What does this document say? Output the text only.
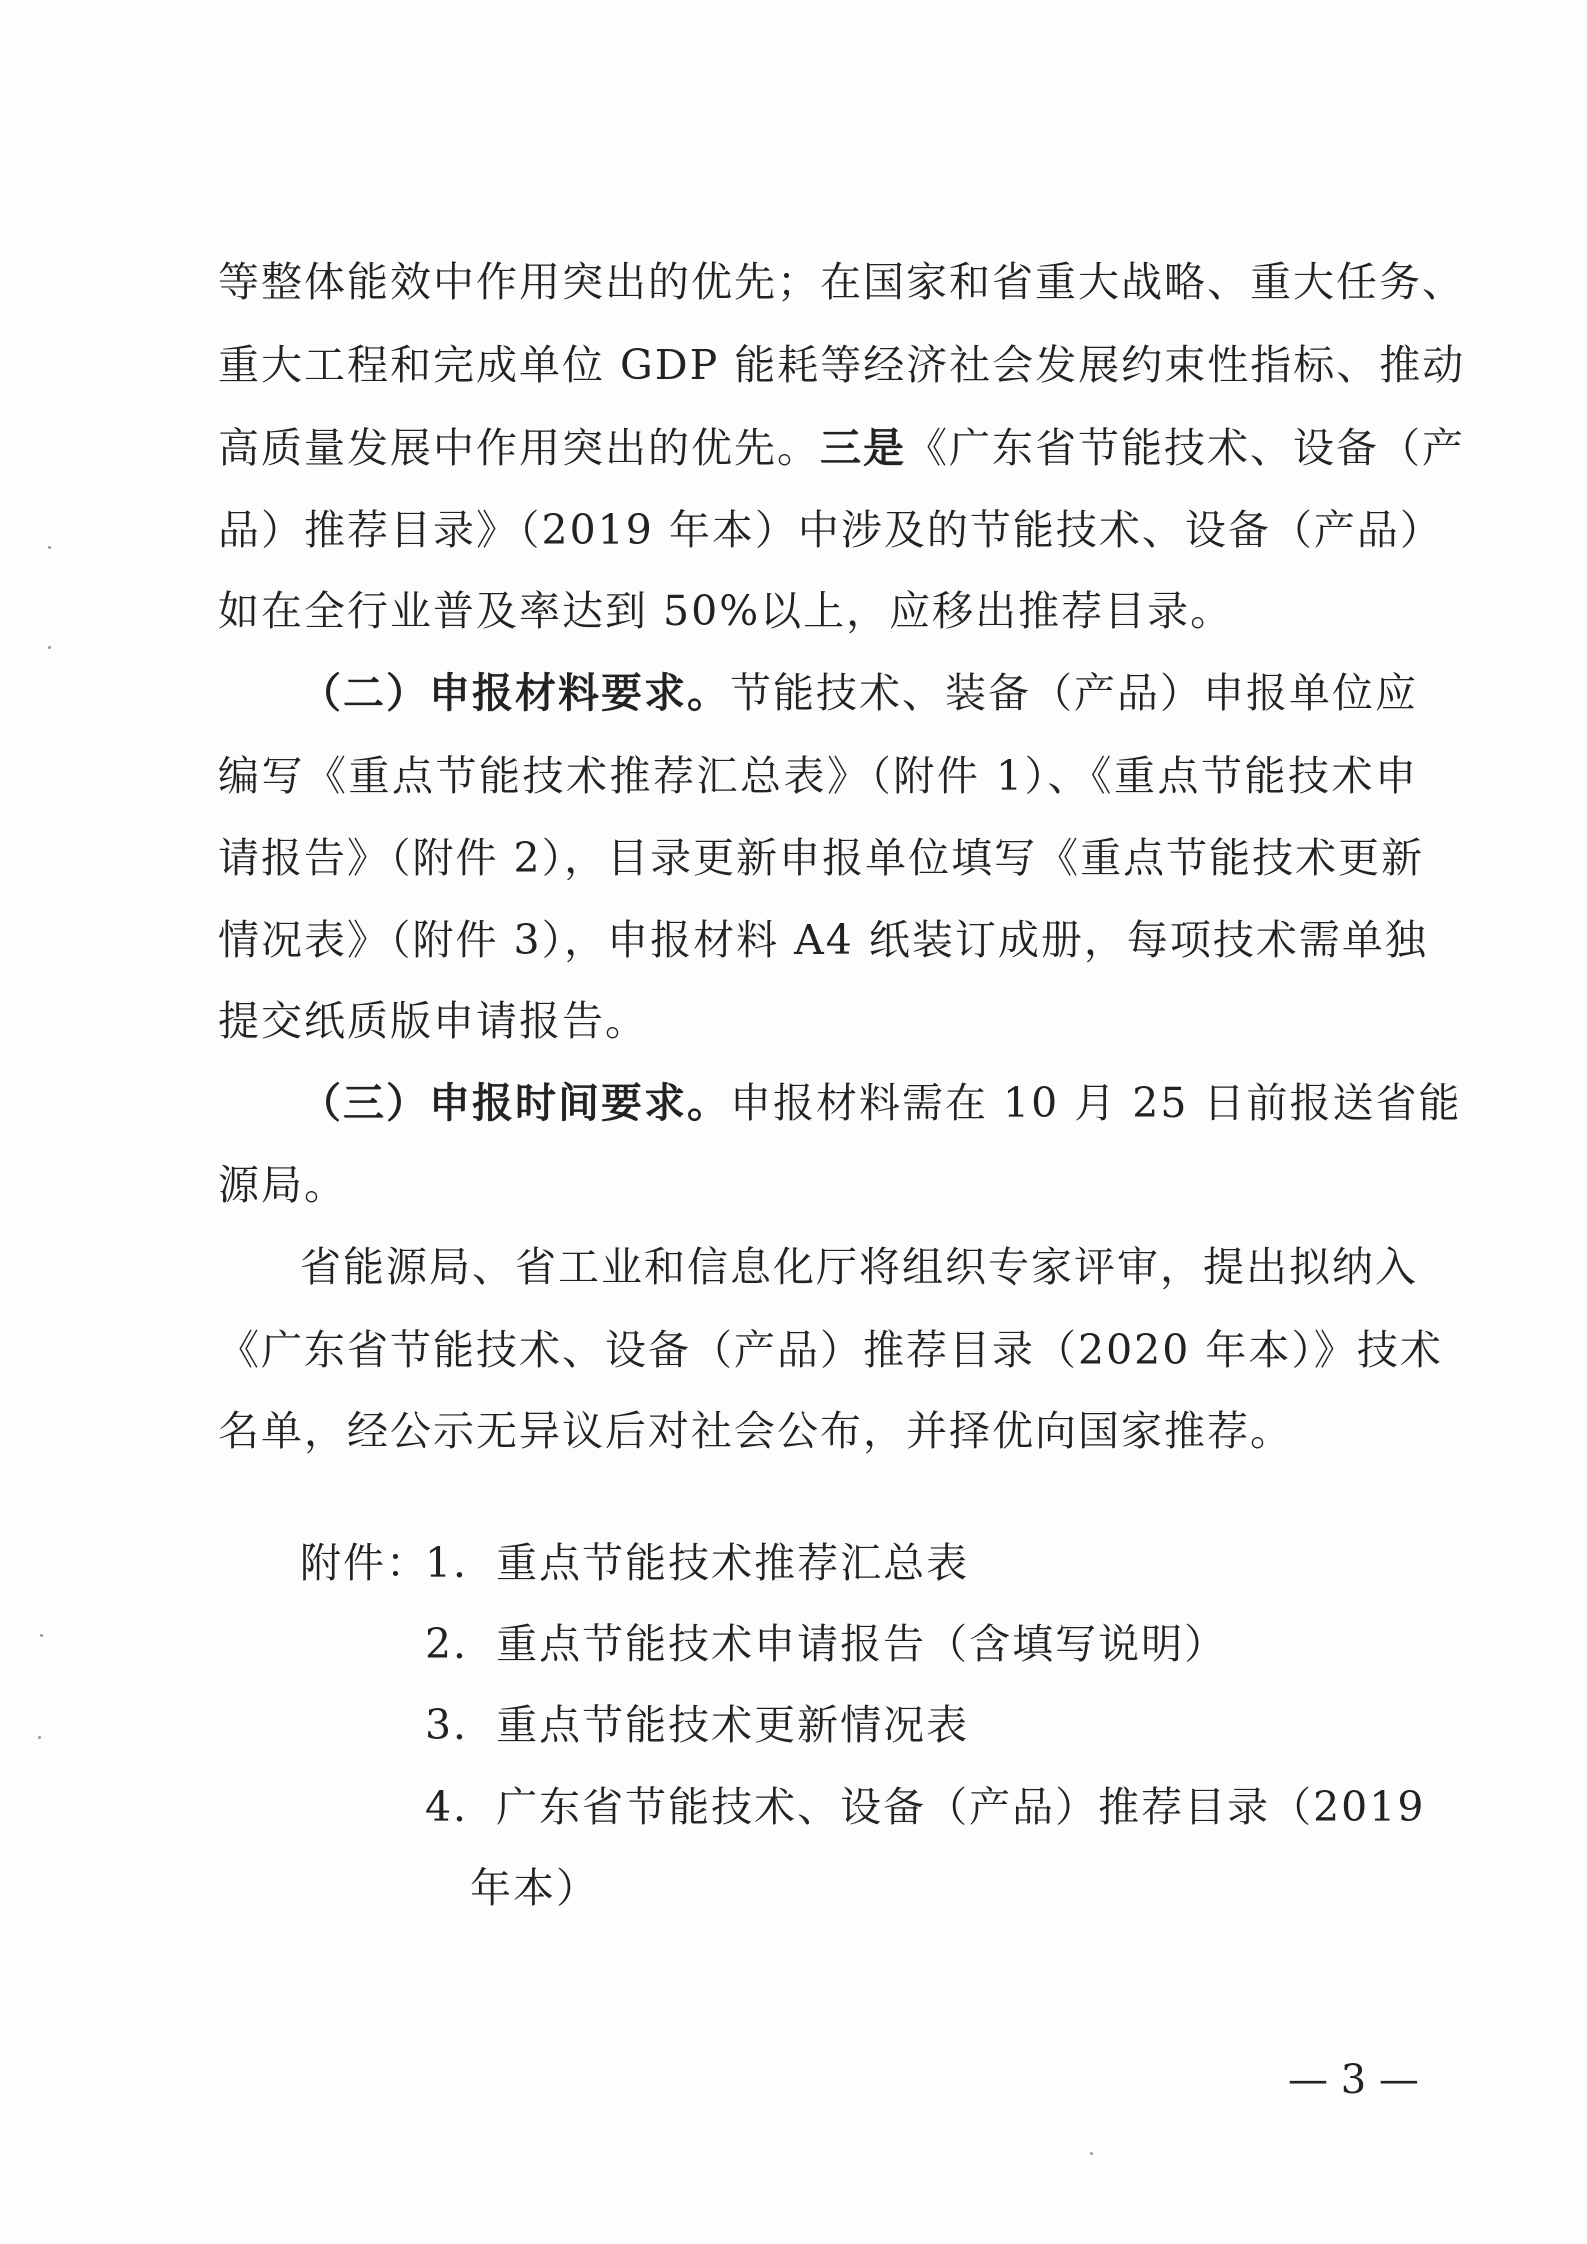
等整体能效中作用突出的优先；在国家和省重大战略、重大任务、
重大工程和完成单位 GDP 能耗等经济社会发展约束性指标、推动
高质量发展中作用突出的优先。三是《广东省节能技术、设备（产
品）推荐目录》（2019 年本）中涉及的节能技术、设备（产品）
如在全行业普及率达到 50%以上，应移出推荐目录。
（二）申报材料要求。节能技术、装备（产品）申报单位应
编写《重点节能技术推荐汇总表》（附件 1）、《重点节能技术申
请报告》（附件 2），目录更新申报单位填写《重点节能技术更新
情况表》（附件 3），申报材料 A4 纸装订成册，每项技术需单独
提交纸质版申请报告。
（三）申报时间要求。申报材料需在 10 月 25 日前报送省能
源局。
省能源局、省工业和信息化厅将组织专家评审，提出拟纳入
《广东省节能技术、设备（产品）推荐目录（2020 年本）》技术
名单，经公示无异议后对社会公布，并择优向国家推荐。
附件：
1．重点节能技术推荐汇总表
2．重点节能技术申请报告（含填写说明）
3．重点节能技术更新情况表
4．广东省节能技术、设备（产品）推荐目录（2019
年本）
— 3 —
